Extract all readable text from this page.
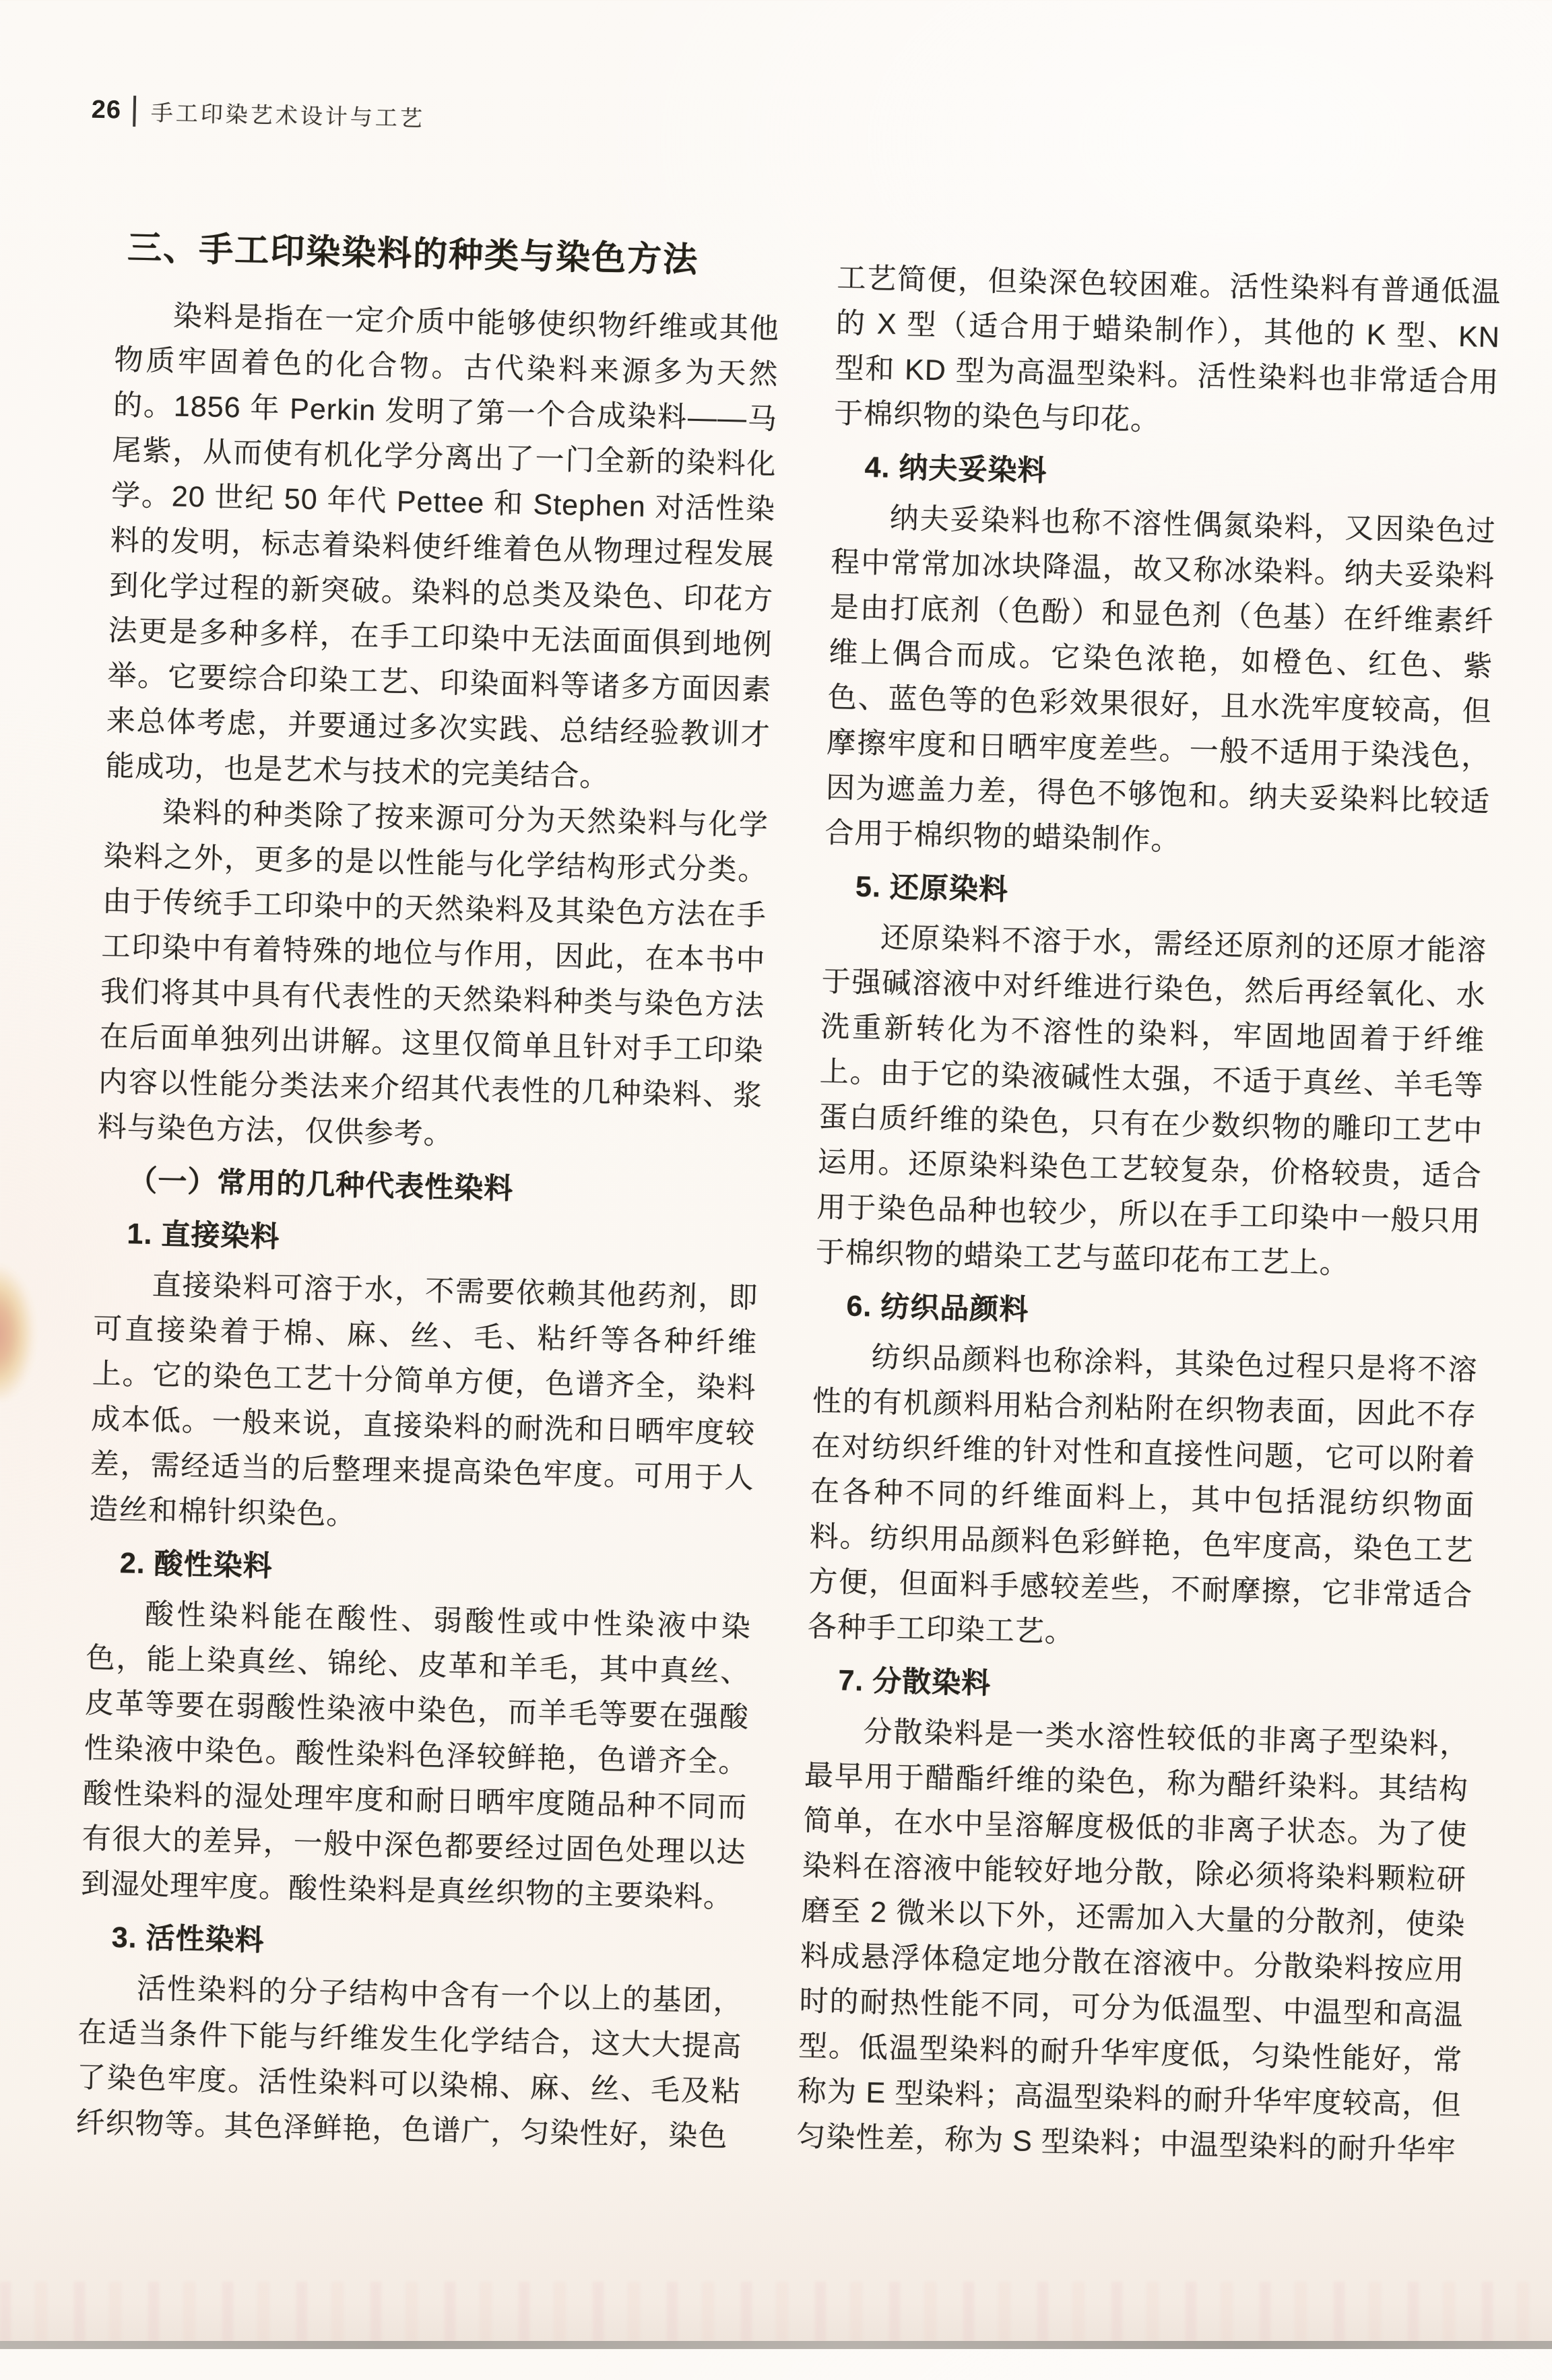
26 手工印染艺术设计与工艺
三、手工印染染料的种类与染色方法
染料是指在一定介质中能够使织物纤维或其他物质牢固着色的化合物。古代染料来源多为天然的。1856 年 Perkin 发明了第一个合成染料——马尾紫，从而使有机化学分离出了一门全新的染料化学。20 世纪 50 年代 Pettee 和 Stephen 对活性染料的发明，标志着染料使纤维着色从物理过程发展到化学过程的新突破。染料的总类及染色、印花方法更是多种多样，在手工印染中无法面面俱到地例举。它要综合印染工艺、印染面料等诸多方面因素来总体考虑，并要通过多次实践、总结经验教训才能成功，也是艺术与技术的完美结合。
染料的种类除了按来源可分为天然染料与化学染料之外，更多的是以性能与化学结构形式分类。由于传统手工印染中的天然染料及其染色方法在手工印染中有着特殊的地位与作用，因此，在本书中我们将其中具有代表性的天然染料种类与染色方法在后面单独列出讲解。这里仅简单且针对手工印染内容以性能分类法来介绍其代表性的几种染料、浆料与染色方法，仅供参考。
（一）常用的几种代表性染料
1. 直接染料
直接染料可溶于水，不需要依赖其他药剂，即可直接染着于棉、麻、丝、毛、粘纤等各种纤维上。它的染色工艺十分简单方便，色谱齐全，染料成本低。一般来说，直接染料的耐洗和日晒牢度较差，需经适当的后整理来提高染色牢度。可用于人造丝和棉针织染色。
2. 酸性染料
酸性染料能在酸性、弱酸性或中性染液中染色，能上染真丝、锦纶、皮革和羊毛，其中真丝、皮革等要在弱酸性染液中染色，而羊毛等要在强酸性染液中染色。酸性染料色泽较鲜艳，色谱齐全。酸性染料的湿处理牢度和耐日晒牢度随品种不同而有很大的差异，一般中深色都要经过固色处理以达到湿处理牢度。酸性染料是真丝织物的主要染料。
3. 活性染料
活性染料的分子结构中含有一个以上的基团，在适当条件下能与纤维发生化学结合，这大大提高了染色牢度。活性染料可以染棉、麻、丝、毛及粘纤织物等。其色泽鲜艳，色谱广，匀染性好，染色
工艺简便，但染深色较困难。活性染料有普通低温的 X 型（适合用于蜡染制作），其他的 K 型、KN 型和 KD 型为高温型染料。活性染料也非常适合用于棉织物的染色与印花。
4. 纳夫妥染料
纳夫妥染料也称不溶性偶氮染料，又因染色过程中常常加冰块降温，故又称冰染料。纳夫妥染料是由打底剂（色酚）和显色剂（色基）在纤维素纤维上偶合而成。它染色浓艳，如橙色、红色、紫色、蓝色等的色彩效果很好，且水洗牢度较高，但摩擦牢度和日晒牢度差些。一般不适用于染浅色，因为遮盖力差，得色不够饱和。纳夫妥染料比较适合用于棉织物的蜡染制作。
5. 还原染料
还原染料不溶于水，需经还原剂的还原才能溶于强碱溶液中对纤维进行染色，然后再经氧化、水洗重新转化为不溶性的染料，牢固地固着于纤维上。由于它的染液碱性太强，不适于真丝、羊毛等蛋白质纤维的染色，只有在少数织物的雕印工艺中运用。还原染料染色工艺较复杂，价格较贵，适合用于染色品种也较少，所以在手工印染中一般只用于棉织物的蜡染工艺与蓝印花布工艺上。
6. 纺织品颜料
纺织品颜料也称涂料，其染色过程只是将不溶性的有机颜料用粘合剂粘附在织物表面，因此不存在对纺织纤维的针对性和直接性问题，它可以附着在各种不同的纤维面料上，其中包括混纺织物面料。纺织用品颜料色彩鲜艳，色牢度高，染色工艺方便，但面料手感较差些，不耐摩擦，它非常适合各种手工印染工艺。
7. 分散染料
分散染料是一类水溶性较低的非离子型染料，最早用于醋酯纤维的染色，称为醋纤染料。其结构简单，在水中呈溶解度极低的非离子状态。为了使染料在溶液中能较好地分散，除必须将染料颗粒研磨至 2 微米以下外，还需加入大量的分散剂，使染料成悬浮体稳定地分散在溶液中。分散染料按应用时的耐热性能不同，可分为低温型、中温型和高温型。低温型染料的耐升华牢度低，匀染性能好，常称为 E 型染料；高温型染料的耐升华牢度较高，但匀染性差，称为 S 型染料；中温型染料的耐升华牢
